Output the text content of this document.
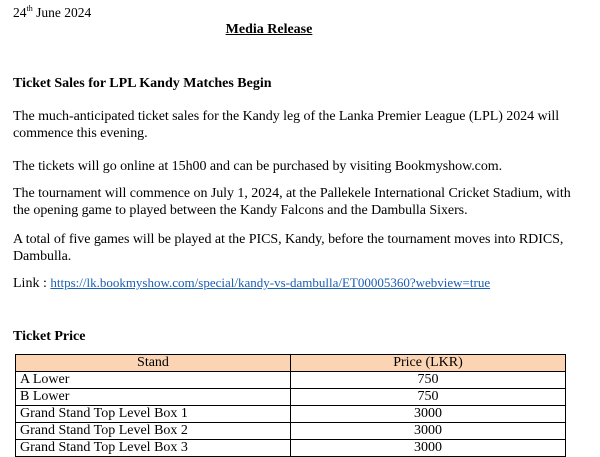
24th June 2024

Media Release

Ticket Sales for LPL Kandy Matches Begin

The much-anticipated ticket sales for the Kandy leg of the Lanka Premier League (LPL) 2024 will commence this evening.

The tickets will go online at 15h00 and can be purchased by visiting Bookmyshow.com.

The tournament will commence on July 1, 2024, at the Pallekele International Cricket Stadium, with the opening game to played between the Kandy Falcons and the Dambulla Sixers.

A total of five games will be played at the PICS, Kandy, before the tournament moves into RDICS, Dambulla.

Link : https://lk.bookmyshow.com/special/kandy-vs-dambulla/ET00005360?webview=true

Ticket Price

Stand	Price (LKR)
A Lower	750
B Lower	750
Grand Stand Top Level Box 1	3000
Grand Stand Top Level Box 2	3000
Grand Stand Top Level Box 3	3000
